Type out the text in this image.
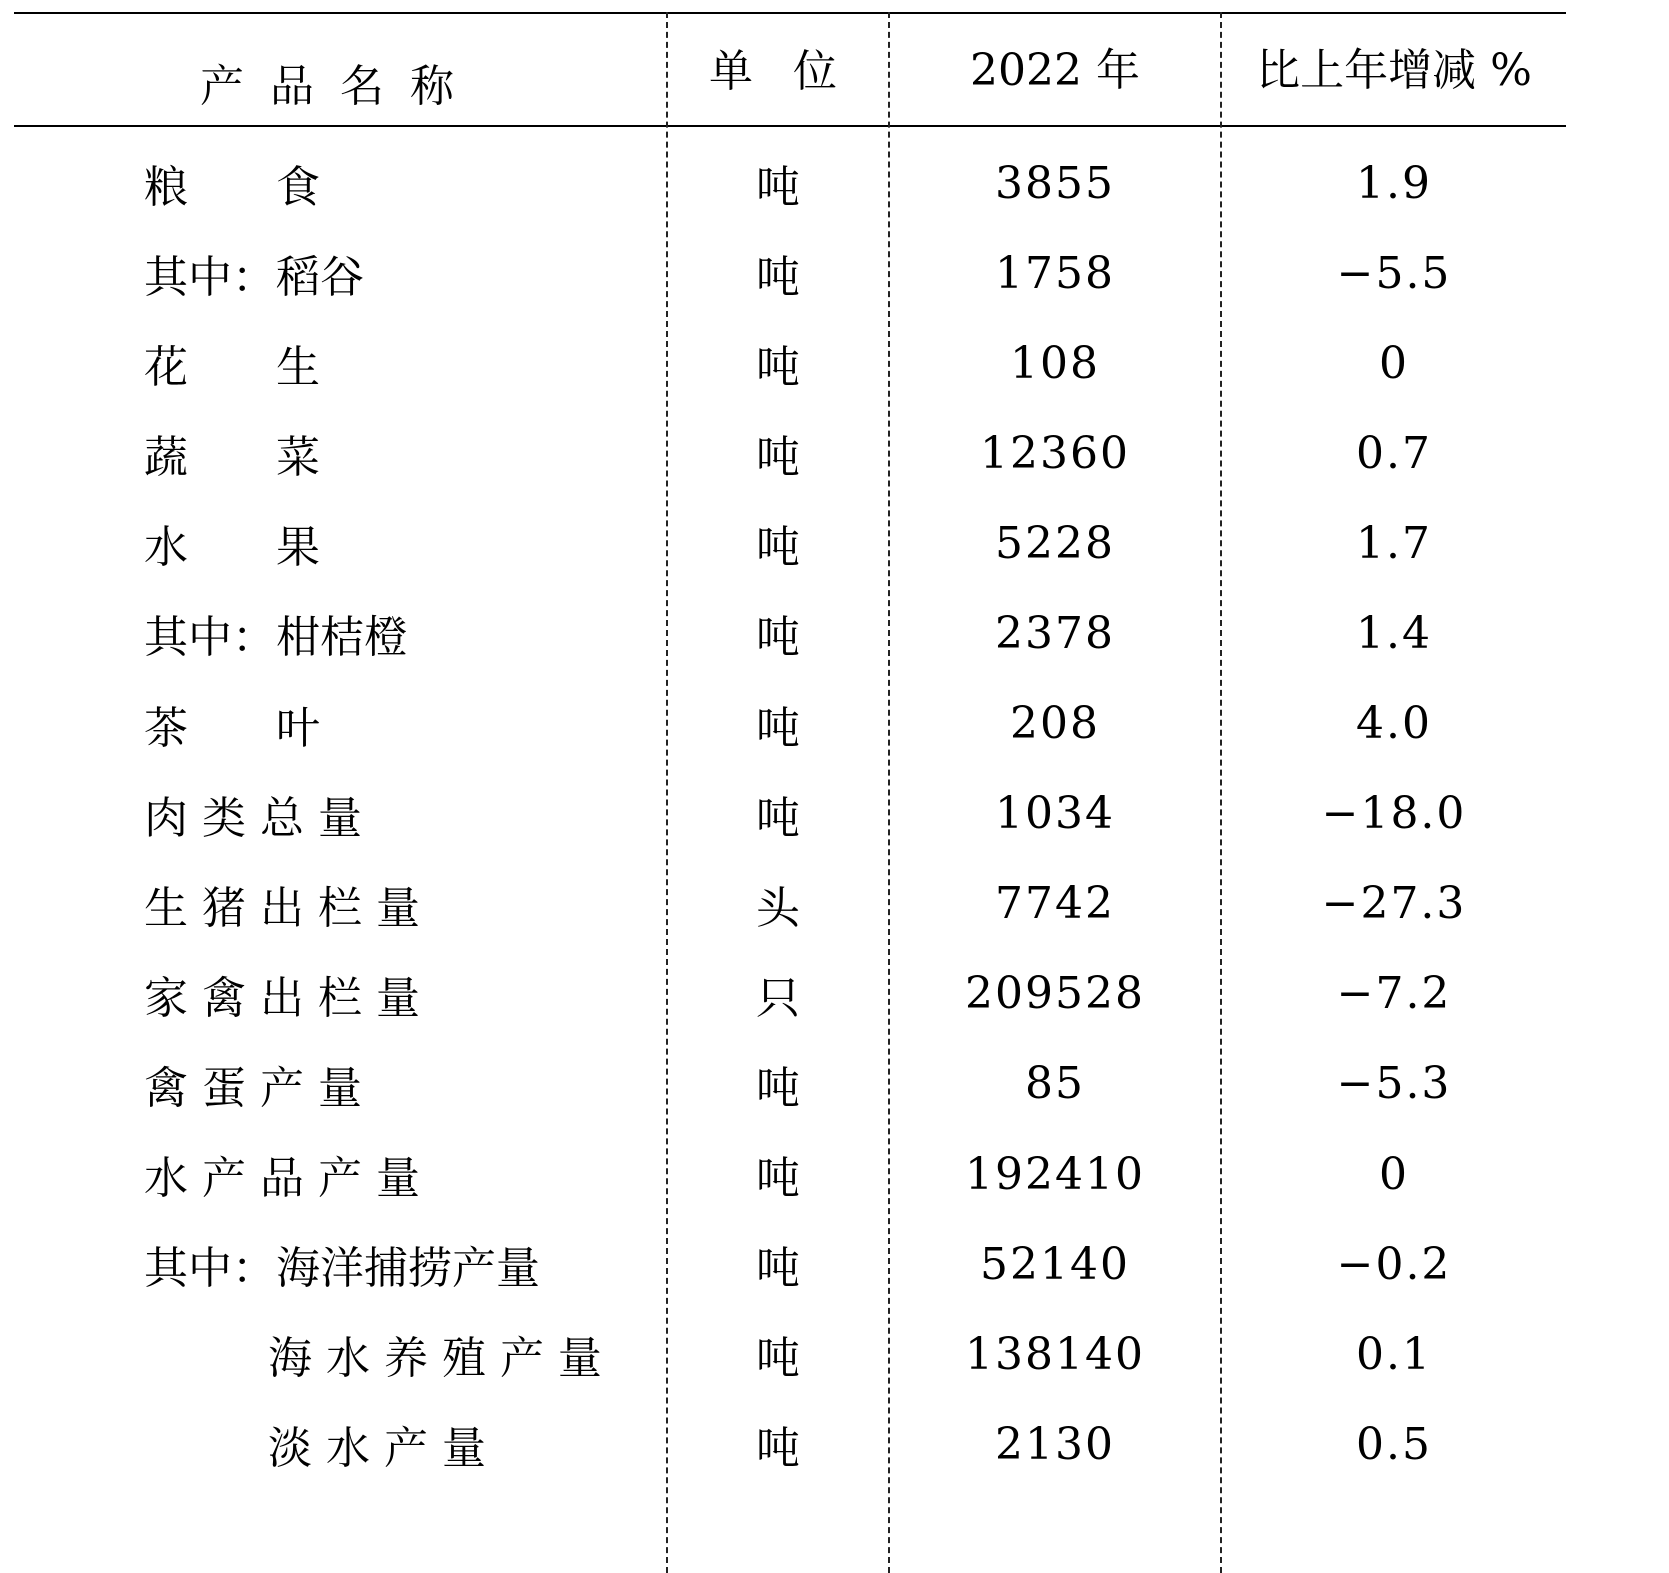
产品名称	单位	2022 年	比上年增减 %
粮　　食	吨	3855	1.9
其中：稻谷	吨	1758	−5.5
花　　生	吨	108	0
蔬　　菜	吨	12360	0.7
水　　果	吨	5228	1.7
其中：柑桔橙	吨	2378	1.4
茶　　叶	吨	208	4.0
肉 类 总 量	吨	1034	−18.0
生 猪 出 栏 量	头	7742	−27.3
家 禽 出 栏 量	只	209528	−7.2
禽 蛋 产 量	吨	85	−5.3
水 产 品 产 量	吨	192410	0
其中：海洋捕捞产量	吨	52140	−0.2
海 水 养 殖 产 量	吨	138140	0.1
淡 水 产 量	吨	2130	0.5
